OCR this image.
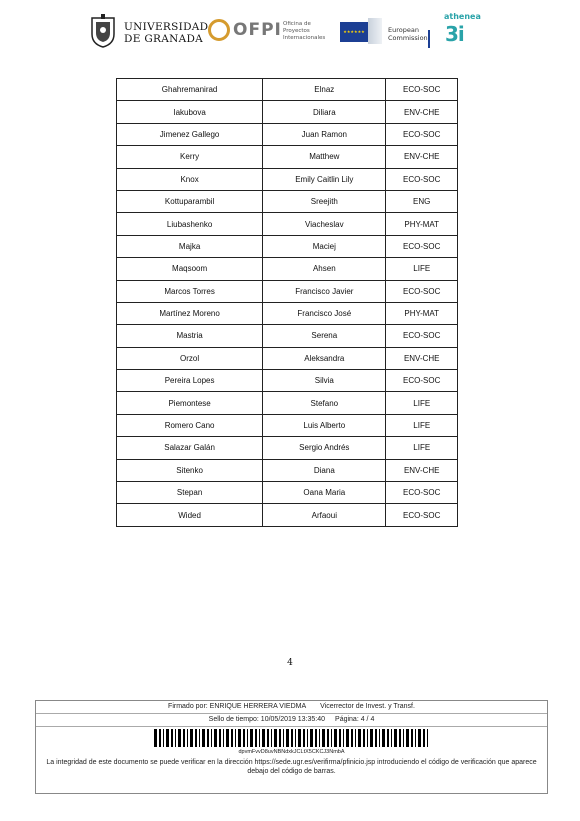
UNIVERSIDAD
DE GRANADA	OFPI Oficina de Proyectos
Internacionales
★★★★★★	European
Commission
athenea
3i
Ghahremanirad	Elnaz	ECO-SOC
Iakubova	Diliara	ENV-CHE
Jimenez Gallego	Juan Ramon	ECO-SOC
Kerry	Matthew	ENV-CHE
Knox	Emily Caitlin Lily	ECO-SOC
Kottuparambil	Sreejith	ENG
Liubashenko	Viacheslav	PHY-MAT
Majka	Maciej	ECO-SOC
Maqsoom	Ahsen	LIFE
Marcos Torres	Francisco Javier	ECO-SOC
Martínez Moreno	Francisco José	PHY-MAT
Mastria	Serena	ECO-SOC
Orzol	Aleksandra	ENV-CHE
Pereira Lopes	Silvia	ECO-SOC
Piemontese	Stefano	LIFE
Romero Cano	Luis Alberto	LIFE
Salazar Galán	Sergio Andrés	LIFE
Sitenko	Diana	ENV-CHE
Stepan	Oana Maria	ECO-SOC
Wided	Arfaoui	ECO-SOC
4
Firmado por: ENRIQUE HERRERA VIEDMA Vicerrector de Invest. y Transf.
Sello de tiempo: 10/05/2019 13:35:40 Página: 4 / 4
dpvmFvvD8uvNBNdxkJCLtX5CKCJ3NmbA
La integridad de este documento se puede verificar en la dirección https://sede.ugr.es/verifirma/pfinicio.jsp introduciendo el código de verificación que aparece debajo del código de barras.
